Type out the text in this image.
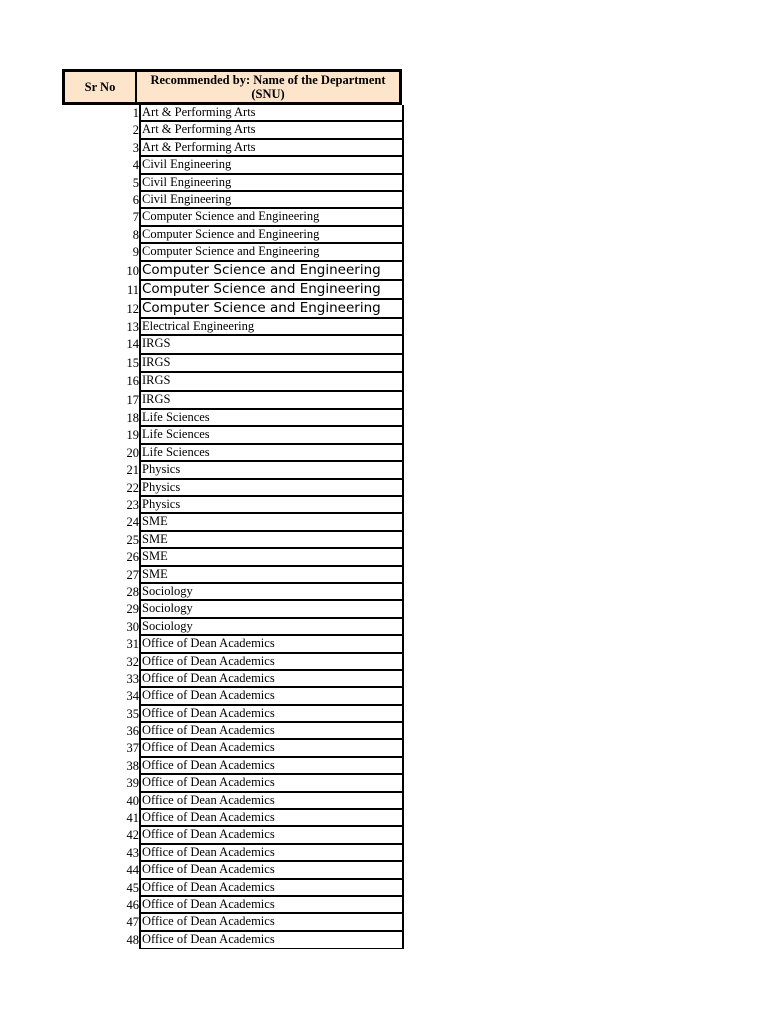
Sr No	Recommended by: Name of the Department (SNU)
1 Art & Performing Arts
2 Art & Performing Arts
3 Art & Performing Arts
4 Civil Engineering
5 Civil Engineering
6 Civil Engineering
7 Computer Science and Engineering
8 Computer Science and Engineering
9 Computer Science and Engineering
10 Computer Science and Engineering
11 Computer Science and Engineering
12 Computer Science and Engineering
13 Electrical Engineering
14 IRGS
15 IRGS
16 IRGS
17 IRGS
18 Life Sciences
19 Life Sciences
20 Life Sciences
21 Physics
22 Physics
23 Physics
24 SME
25 SME
26 SME
27 SME
28 Sociology
29 Sociology
30 Sociology
31 Office of Dean Academics
32 Office of Dean Academics
33 Office of Dean Academics
34 Office of Dean Academics
35 Office of Dean Academics
36 Office of Dean Academics
37 Office of Dean Academics
38 Office of Dean Academics
39 Office of Dean Academics
40 Office of Dean Academics
41 Office of Dean Academics
42 Office of Dean Academics
43 Office of Dean Academics
44 Office of Dean Academics
45 Office of Dean Academics
46 Office of Dean Academics
47 Office of Dean Academics
48 Office of Dean Academics
